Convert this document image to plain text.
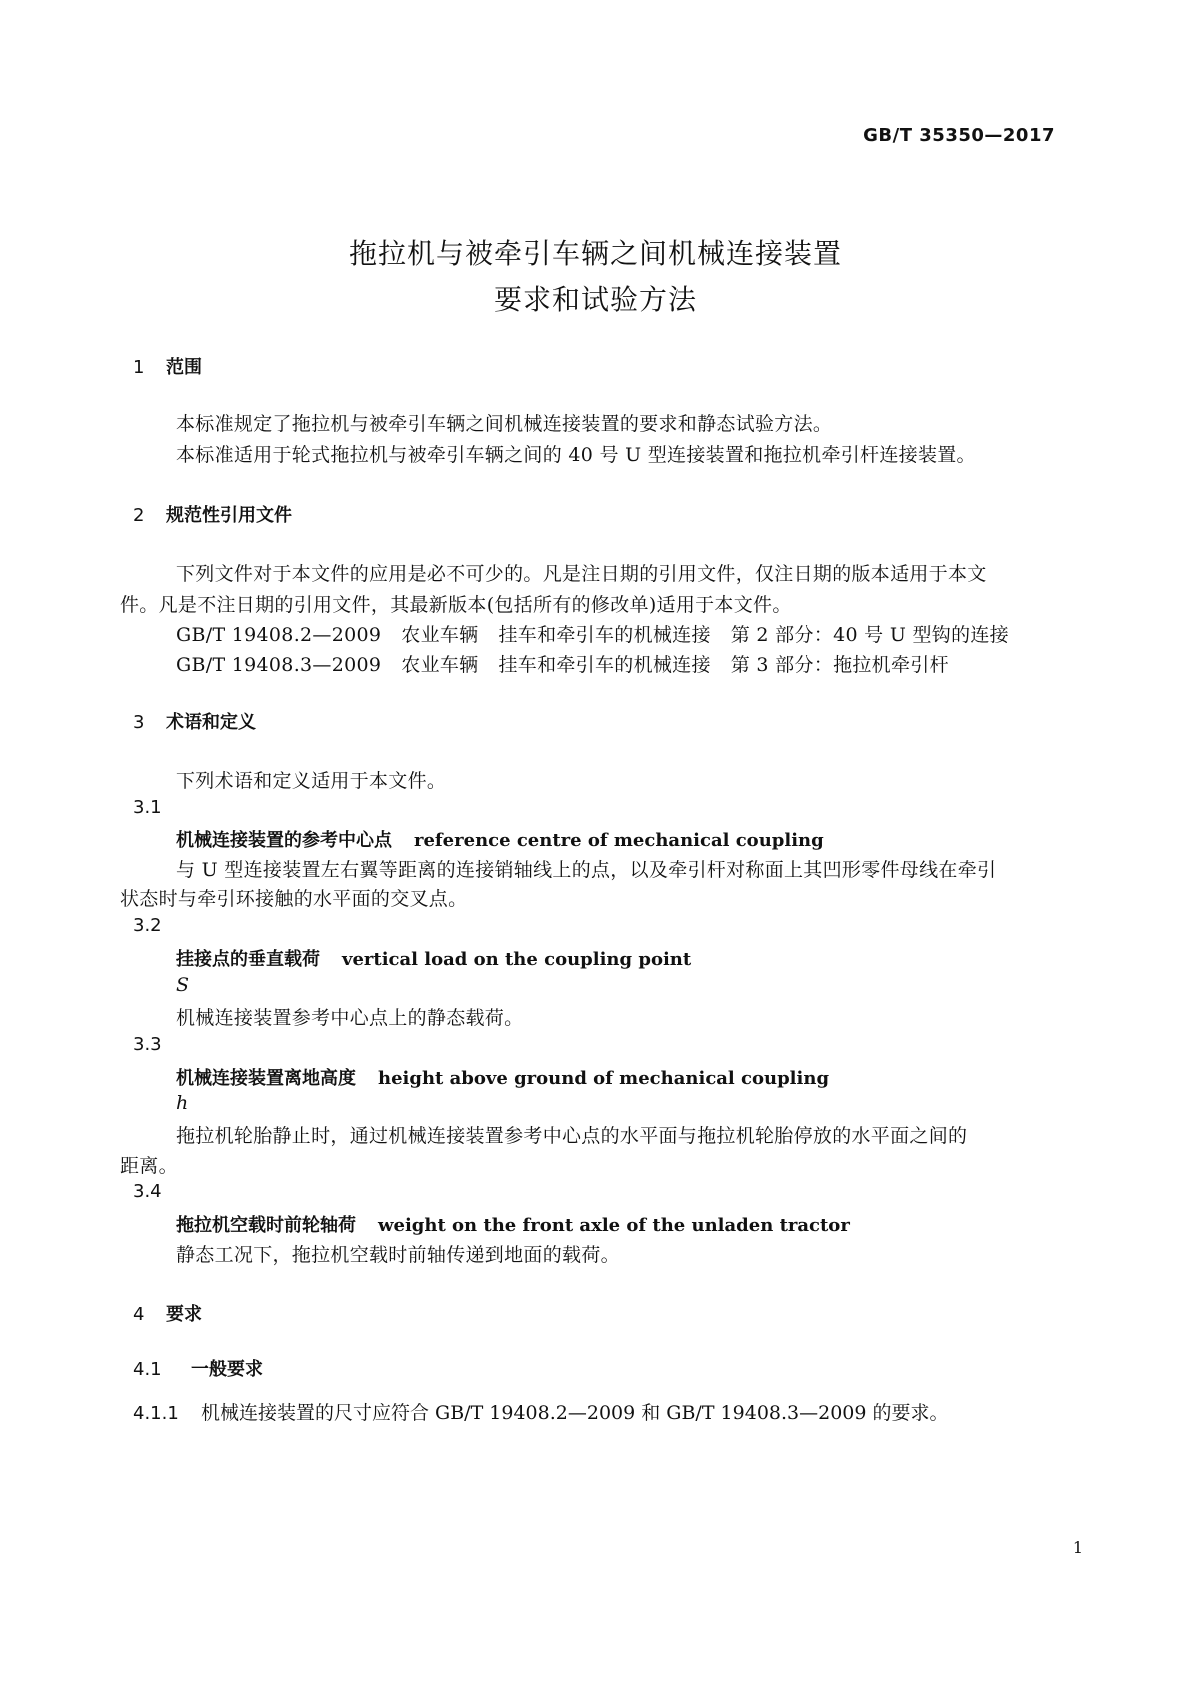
GB/T 35350—2017
拖拉机与被牵引车辆之间机械连接装置
要求和试验方法
1 范围
本标准规定了拖拉机与被牵引车辆之间机械连接装置的要求和静态试验方法。
本标准适用于轮式拖拉机与被牵引车辆之间的 40 号 U 型连接装置和拖拉机牵引杆连接装置。
2 规范性引用文件
下列文件对于本文件的应用是必不可少的。凡是注日期的引用文件，仅注日期的版本适用于本文
件。凡是不注日期的引用文件，其最新版本(包括所有的修改单)适用于本文件。
GB/T 19408.2—2009 农业车辆 挂车和牵引车的机械连接 第 2 部分：40 号 U 型钩的连接
GB/T 19408.3—2009 农业车辆 挂车和牵引车的机械连接 第 3 部分：拖拉机牵引杆
3 术语和定义
下列术语和定义适用于本文件。
3.1
机械连接装置的参考中心点 reference centre of mechanical coupling
与 U 型连接装置左右翼等距离的连接销轴线上的点，以及牵引杆对称面上其凹形零件母线在牵引
状态时与牵引环接触的水平面的交叉点。
3.2
挂接点的垂直载荷 vertical load on the coupling point
S
机械连接装置参考中心点上的静态载荷。
3.3
机械连接装置离地高度 height above ground of mechanical coupling
h
拖拉机轮胎静止时，通过机械连接装置参考中心点的水平面与拖拉机轮胎停放的水平面之间的
距离。
3.4
拖拉机空载时前轮轴荷 weight on the front axle of the unladen tractor
静态工况下，拖拉机空载时前轴传递到地面的载荷。
4 要求
4.1 一般要求
4.1.1 机械连接装置的尺寸应符合 GB/T 19408.2—2009 和 GB/T 19408.3—2009 的要求。
1
